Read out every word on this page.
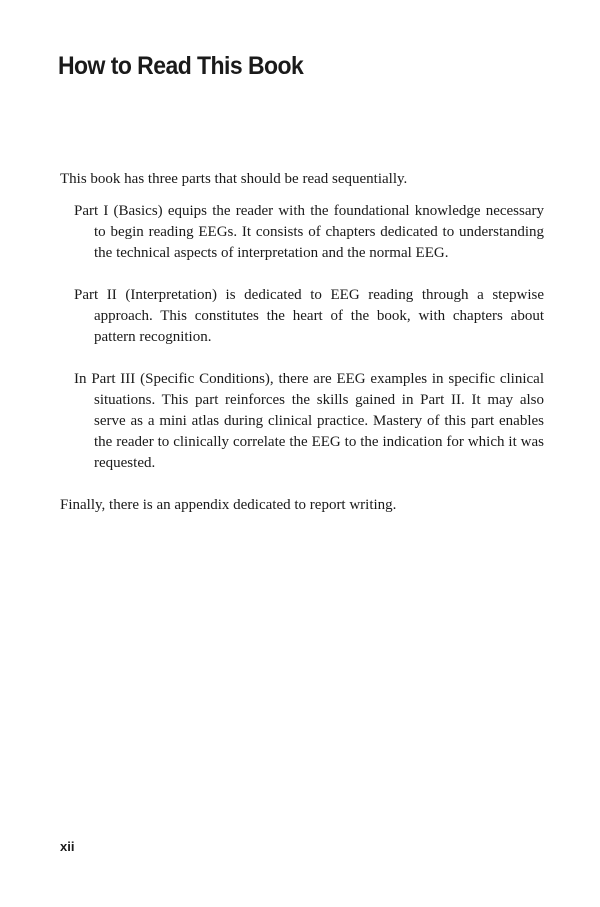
How to Read This Book

This book has three parts that should be read sequentially.

Part I (Basics) equips the reader with the foundational knowledge necessary to begin reading EEGs. It consists of chapters dedicated to understanding the technical aspects of interpretation and the normal EEG.

Part II (Interpretation) is dedicated to EEG reading through a stepwise approach. This constitutes the heart of the book, with chapters about pattern recognition.

In Part III (Specific Conditions), there are EEG examples in specific clinical situations. This part reinforces the skills gained in Part II. It may also serve as a mini atlas during clinical practice. Mastery of this part enables the reader to clinically correlate the EEG to the indication for which it was requested.

Finally, there is an appendix dedicated to report writing.

xii
